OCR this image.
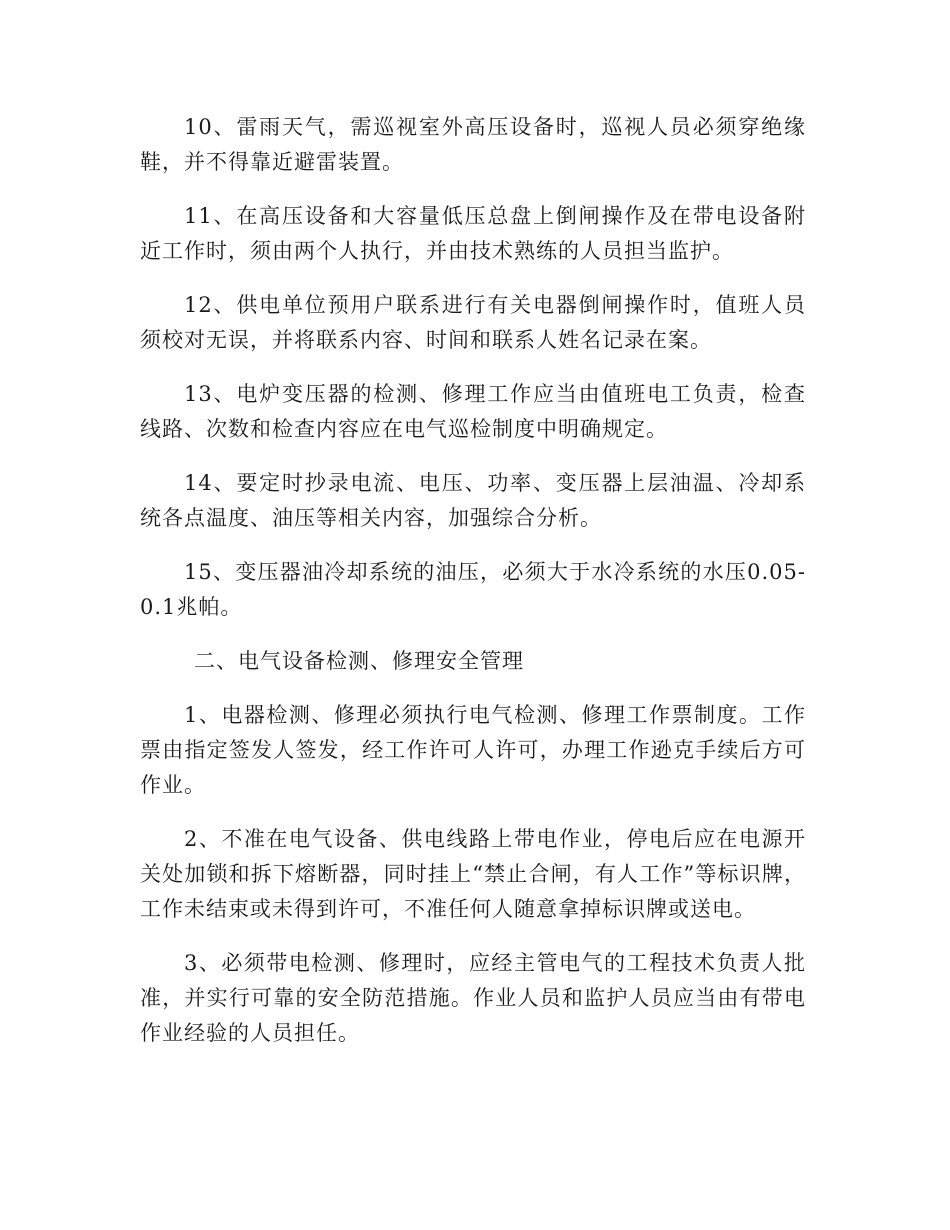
10、雷雨天气，需巡视室外高压设备时，巡视人员必须穿绝缘鞋，并不得靠近避雷装置。

11、在高压设备和大容量低压总盘上倒闸操作及在带电设备附近工作时，须由两个人执行，并由技术熟练的人员担当监护。

12、供电单位预用户联系进行有关电器倒闸操作时，值班人员须校对无误，并将联系内容、时间和联系人姓名记录在案。

13、电炉变压器的检测、修理工作应当由值班电工负责，检查线路、次数和检查内容应在电气巡检制度中明确规定。

14、要定时抄录电流、电压、功率、变压器上层油温、冷却系统各点温度、油压等相关内容，加强综合分析。

15、变压器油冷却系统的油压，必须大于水冷系统的水压0.05-0.1兆帕。

二、电气设备检测、修理安全管理

1、电器检测、修理必须执行电气检测、修理工作票制度。工作票由指定签发人签发，经工作许可人许可，办理工作逊克手续后方可作业。

2、不准在电气设备、供电线路上带电作业，停电后应在电源开关处加锁和拆下熔断器，同时挂上“禁止合闸，有人工作”等标识牌，工作未结束或未得到许可，不准任何人随意拿掉标识牌或送电。

3、必须带电检测、修理时，应经主管电气的工程技术负责人批准，并实行可靠的安全防范措施。作业人员和监护人员应当由有带电作业经验的人员担任。
